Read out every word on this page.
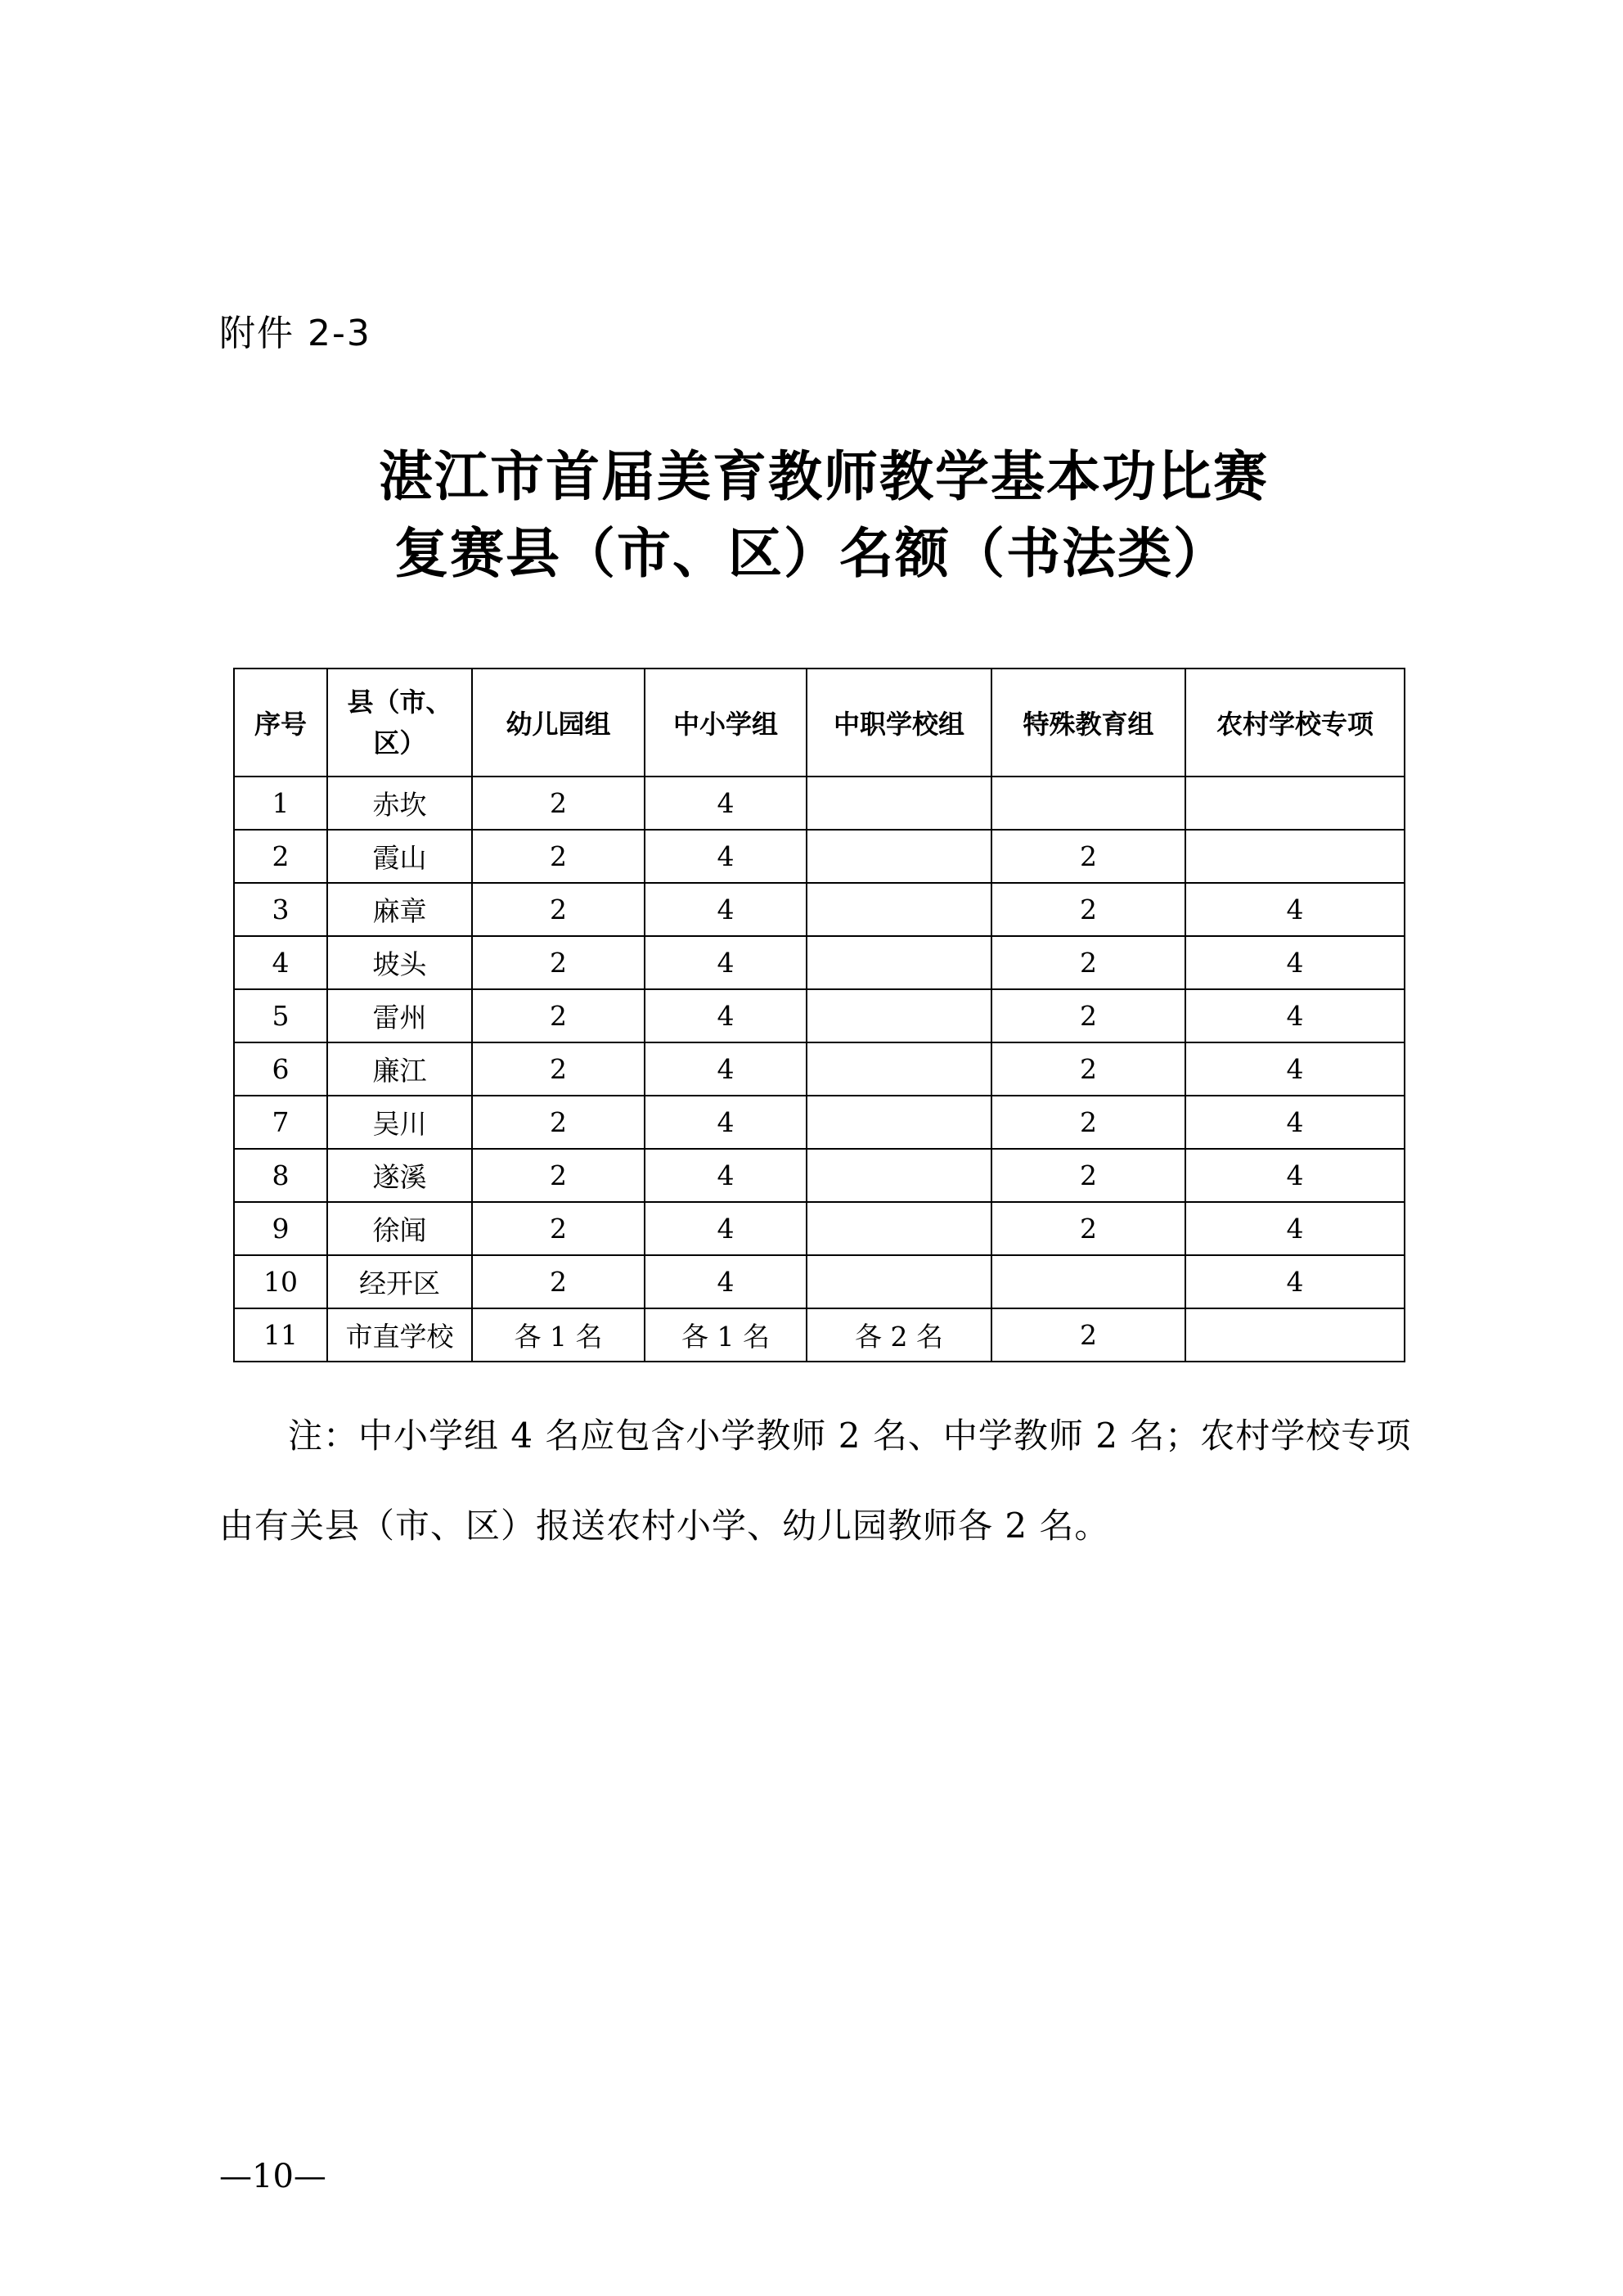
附件 2-3
湛江市首届美育教师教学基本功比赛
复赛县（市、区）名额（书法类）
序号	县（市、区）	幼儿园组	中小学组	中职学校组	特殊教育组	农村学校专项
1	赤坎	2	4			
2	霞山	2	4		2	
3	麻章	2	4		2	4
4	坡头	2	4		2	4
5	雷州	2	4		2	4
6	廉江	2	4		2	4
7	吴川	2	4		2	4
8	遂溪	2	4		2	4
9	徐闻	2	4		2	4
10	经开区	2	4			4
11	市直学校	各 1 名	各 1 名	各 2 名	2	

注：中小学组 4 名应包含小学教师 2 名、中学教师 2 名；农村学校专项由有关县（市、区）报送农村小学、幼儿园教师各 2 名。

—10—
